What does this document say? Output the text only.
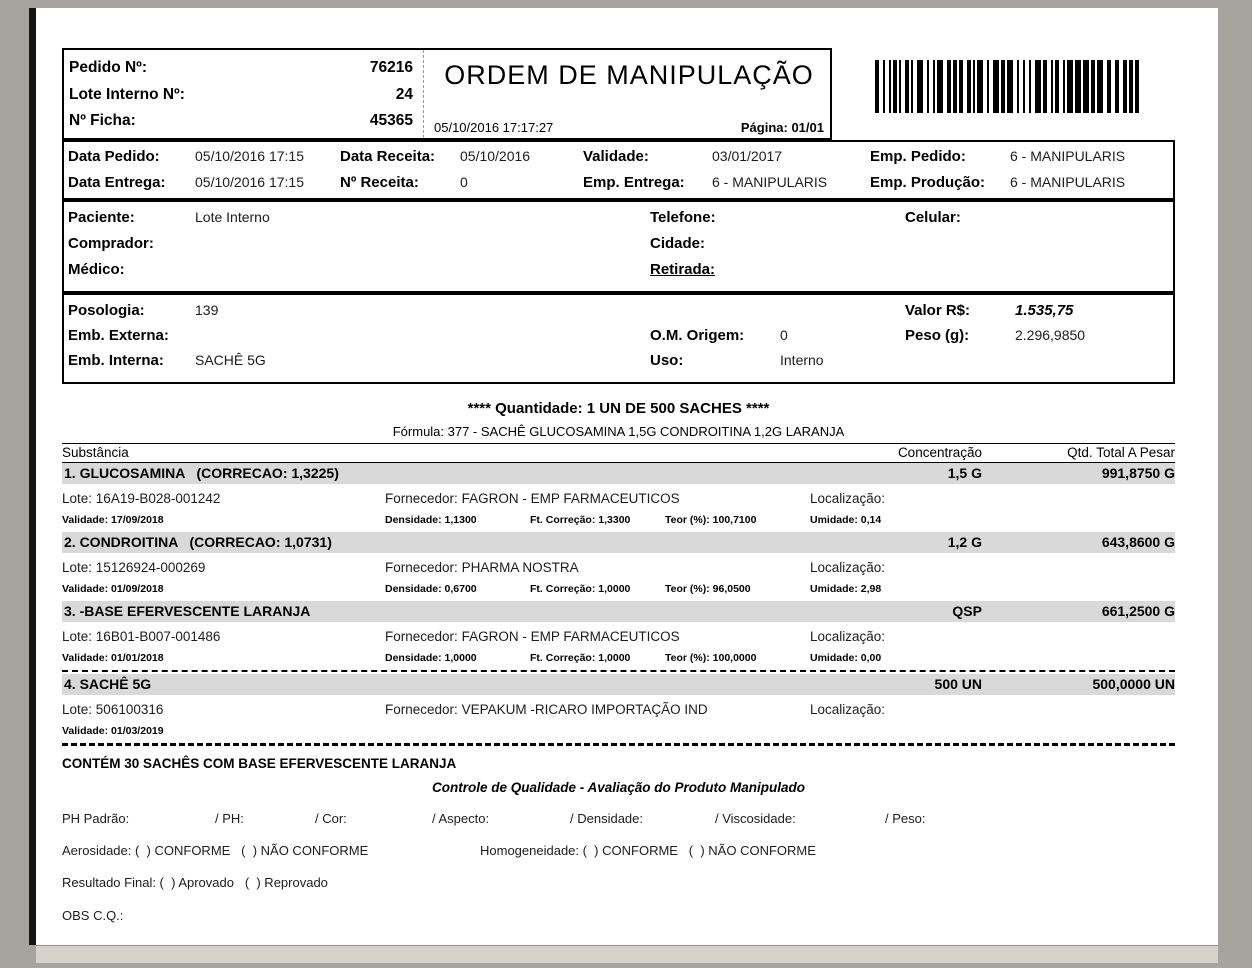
Pedido Nº:	76216
Lote Interno Nº:	24
Nº Ficha:	45365
ORDEM DE MANIPULAÇÃO
05/10/2016 17:17:27	Página: 01/01
Data Pedido:	05/10/2016 17:15	Data Receita:	05/10/2016	Validade:	03/01/2017	Emp. Pedido:	6 - MANIPULARIS
Data Entrega:	05/10/2016 17:15	Nº Receita:	0	Emp. Entrega:	6 - MANIPULARIS	Emp. Produção:	6 - MANIPULARIS
Paciente:	Lote Interno	Telefone:	Celular:
Comprador:	Cidade:
Médico:	Retirada:
Posologia:	139	Valor R$:	1.535,75
Emb. Externa:	O.M. Origem:	0	Peso (g):	2.296,9850
Emb. Interna:	SACHÊ 5G	Uso:	Interno
**** Quantidade: 1 UN DE 500 SACHES ****
Fórmula: 377 - SACHÊ GLUCOSAMINA 1,5G CONDROITINA 1,2G LARANJA
Substância	Concentração	Qtd. Total A Pesar
1. GLUCOSAMINA   (CORRECAO: 1,3225)	1,5 G	991,8750 G
Lote: 16A19-B028-001242	Fornecedor: FAGRON - EMP FARMACEUTICOS	Localização:
Validade: 17/09/2018	Densidade: 1,1300	Ft. Correção: 1,3300	Teor (%): 100,7100	Umidade: 0,14
2. CONDROITINA   (CORRECAO: 1,0731)	1,2 G	643,8600 G
Lote: 15126924-000269	Fornecedor: PHARMA NOSTRA	Localização:
Validade: 01/09/2018	Densidade: 0,6700	Ft. Correção: 1,0000	Teor (%): 96,0500	Umidade: 2,98
3. -BASE EFERVESCENTE LARANJA	QSP	661,2500 G
Lote: 16B01-B007-001486	Fornecedor: FAGRON - EMP FARMACEUTICOS	Localização:
Validade: 01/01/2018	Densidade: 1,0000	Ft. Correção: 1,0000	Teor (%): 100,0000	Umidade: 0,00
4. SACHÊ 5G	500 UN	500,0000 UN
Lote: 506100316	Fornecedor: VEPAKUM -RICARO IMPORTAÇÃO IND	Localização:
Validade: 01/03/2019
CONTÉM 30 SACHÊS COM BASE EFERVESCENTE LARANJA
Controle de Qualidade - Avaliação do Produto Manipulado
PH Padrão:	/ PH:	/ Cor:	/ Aspecto:	/ Densidade:	/ Viscosidade:	/ Peso:
Aerosidade: (  ) CONFORME   (  ) NÃO CONFORME	Homogeneidade: (  ) CONFORME   (  ) NÃO CONFORME
Resultado Final: (  ) Aprovado   (  ) Reprovado
OBS C.Q.:
